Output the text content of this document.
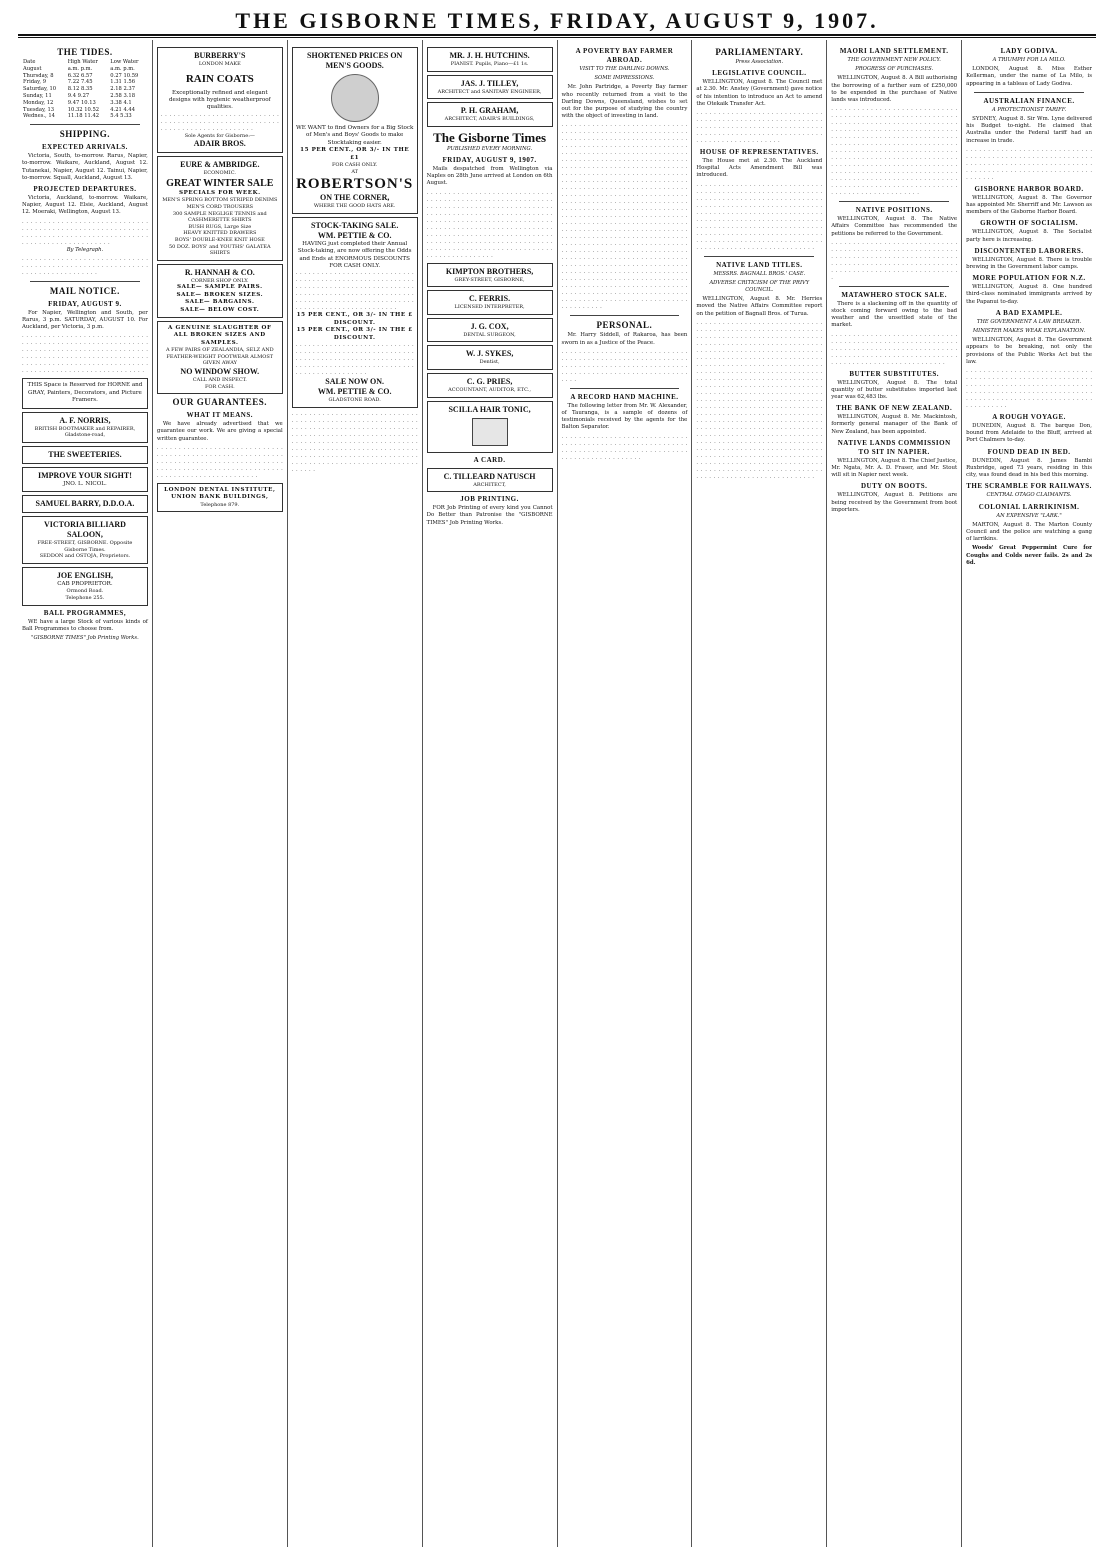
THE GISBORNE TIMES, FRIDAY, AUGUST 9, 1907.
THE TIDES.
Date	High Water	Low Water
August	a.m. p.m.	a.m. p.m.
Thursday, 8	6.32 6.57	0.27 10.59
Friday, 9	7.22 7.45	1.31 1.56
Saturday, 10	8.12 8.35	2.18 2.37
Sunday, 11	9.4 9.27	2.58 3.18
Monday, 12	9.47 10.13	3.38 4.1
Tuesday, 13	10.32 10.52	4.21 4.44
Wednes., 14	11.18 11.42	5.4 5.33
SHIPPING.
EXPECTED ARRIVALS.

Victoria, South, to-morrow. Rarus, Napier, to-morrow. Waikare, Auckland, August 12. Tutanekai, Napier, August 12. Tainui, Napier, to-morrow. Squall, Auckland, August 13.

PROJECTED DEPARTURES.

Victoria, Auckland, to-morrow. Waikare, Napier, August 12. Elsie, Auckland, August 12. Moeraki, Wellington, August 13.

. . . . . . . . . . . . . . . . . . . . . . . . . . . . . . . . . . . . . . . . . . . . . . . . . . . . . . . . . . . . . . . . . . . . . . . . . . . . . . . . . . . . . . . . . . . . . . . . . . . . . . . . . . . .
By Telegraph.
. . . . . . . . . . . . . . . . . . . . . . . . . . . . . . . . . . . . . . . . . . . . . . . . . . . . . . . . . . . . . . . . . . . . . . . . . . . .
MAIL NOTICE.
FRIDAY, AUGUST 9.

For Napier, Wellington and South, per Rarus, 3 p.m. SATURDAY, AUGUST 10. For Auckland, per Victoria, 3 p.m.

. . . . . . . . . . . . . . . . . . . . . . . . . . . . . . . . . . . . . . . . . . . . . . . . . . . . . . . . . . . . . . . . . . . . . . . . . . . . . . . . . . . . . . . . . . . . . . . . . . . . . . . . . . . . . . . . . . . . . . . . . . . . . . . . . . . . . . . . . . . . . . . . . . . . . . . . . . . . . . . . . . . . . . . . . . . . . .
THIS Space is Reserved for HORNE and GRAY, Painters, Decorators, and Picture Framers.
A. F. NORRIS,
BRITISH BOOTMAKER and REPAIRER, Gladstone-road,
THE SWEETERIES.
IMPROVE YOUR SIGHT!
JNO. L. NICOL.
SAMUEL BARRY, D.D.O.A.
VICTORIA BILLIARD SALOON,
FREE-STREET, GISBORNE. Opposite Gisborne Times.
SEDDON and OSTOJA, Proprietors.
JOE ENGLISH,
CAB PROPRIETOR.
Ormond Road.
Telephone 255.
BALL PROGRAMMES,

WE have a large Stock of various kinds of Ball Programmes to choose from.

"GISBORNE TIMES" Job Printing Works.
BURBERRY'S
LONDON MAKE
RAIN COATS
Exceptionally refined and elegant designs with hygienic weatherproof qualities.
. . . . . . . . . . . . . . . . . . . . . . . . . . . . . . . . . . . . . . . . . . . . . . . . . . . . . . . . . . . . . . . . . . . . . . . . . . . . . .
Sole Agents for Gisborne:—
ADAIR BROS.
EURE & AMBRIDGE.
ECONOMIC.
GREAT WINTER SALE
SPECIALS FOR WEEK.
MEN'S SPRING BOTTOM STRIPED DENIMS
MEN'S CORD TROUSERS
300 SAMPLE NEGLIGE TENNIS and CASHMERETTE SHIRTS
BUSH RUGS, Large Size
HEAVY KNITTED DRAWERS
BOYS' DOUBLE-KNEE KNIT HOSE
50 DOZ. BOYS' and YOUTHS' GALATEA SHIRTS
R. HANNAH & CO.
CORNER SHOP ONLY.
SALE— SAMPLE PAIRS.
SALE— BROKEN SIZES.
SALE— BARGAINS.
SALE— BELOW COST.
A GENUINE SLAUGHTER OF ALL BROKEN SIZES AND SAMPLES.
A FEW PAIRS OF ZEALANDIA, SELZ AND FEATHER-WEIGHT FOOTWEAR ALMOST GIVEN AWAY
NO WINDOW SHOW.
CALL AND INSPECT.
FOR CASH.
OUR GUARANTEES.
WHAT IT MEANS.

We have already advertised that we guarantee our work. We are giving a special written guarantee.

. . . . . . . . . . . . . . . . . . . . . . . . . . . . . . . . . . . . . . . . . . . . . . . . . . . . . . . . . . . . . . . . . . . . . . . . . . . . . . . . . . . . . . . . . . . . . . . . . . . . . . . . . . . . . . . . . . . . . . . . . . . . . . . . . . . . . . . . . . . .
LONDON DENTAL INSTITUTE, UNION BANK BUILDINGS,
Telephone 879.
SHORTENED PRICES ON MEN'S GOODS.
WE WANT to find Owners for a Big Stock of Men's and Boys' Goods to make Stocktaking easier.
15 PER CENT., OR 3/- IN THE £1
FOR CASH ONLY.
AT
ROBERTSON'S
ON THE CORNER,
WHERE THE GOOD HATS ARE.
STOCK-TAKING SALE.
WM. PETTIE & CO.
HAVING just completed their Annual Stock-taking, are now offering the Odds and Ends at ENORMOUS DISCOUNTS FOR CASH ONLY.
. . . . . . . . . . . . . . . . . . . . . . . . . . . . . . . . . . . . . . . . . . . . . . . . . . . . . . . . . . . . . . . . . . . . . . . . . . . . . . . . . . . . . . . . . . . . . . . . . . . . . . . . . . . . . . . . . . . . . . . . . . . . . . . . . . . . . . . . . . . . . . . . . . . . . . . . . . . . . . . . . . . .
15 PER CENT., OR 3/- IN THE £ DISCOUNT.
15 PER CENT., OR 3/- IN THE £ DISCOUNT.
. . . . . . . . . . . . . . . . . . . . . . . . . . . . . . . . . . . . . . . . . . . . . . . . . . . . . . . . . . . . . . . . . . . . . . . . . . . . . . . . . . . . . . . . . . . . . . . . . . . . . . . . . . . . . . . . . . . . . . . . . . . . . . . . .
SALE NOW ON.
WM. PETTIE & CO.
GLADSTONE ROAD.
. . . . . . . . . . . . . . . . . . . . . . . . . . . . . . . . . . . . . . . . . . . . . . . . . . . . . . . . . . . . . . . . . . . . . . . . . . . . . . . . . . . . . . . . . . . . . . . . . . . . . . . . . . . . . . . . . . . . . . . . . . . . . . . . . . . . . . . . . . . . . . . . . . . . . . . . . . . . . . . . . . . . . . . . . . . . . . . . . . . . . . . . . . . . . . . . . . . . . . . . . . . . . . . . . . . . . . . . . . . . . . . . . . . . . . . . . . . . . .
MR. J. H. HUTCHINS.
PIANIST. Pupils, Piano—£1 1s.
JAS. J. TILLEY,
ARCHITECT and SANITARY ENGINEER,
P. H. GRAHAM,
ARCHITECT, ADAIR'S BUILDINGS,
The Gisborne Times
PUBLISHED EVERY MORNING.
FRIDAY, AUGUST 9, 1907.

Mails despatched from Wellington via Naples on 28th June arrived at London on 6th August.

. . . . . . . . . . . . . . . . . . . . . . . . . . . . . . . . . . . . . . . . . . . . . . . . . . . . . . . . . . . . . . . . . . . . . . . . . . . . . . . . . . . . . . . . . . . . . . . . . . . . . . . . . . . . . . . . . . . . . . . . . . . . . . . . . . . . . . . . . . . . . . . . . . . . . . . . . . . . . . . . . . . . . . . . . . . . . . . . . . . . . . . . . . . . . . . . . . . . . . . . . . . . . . . . . . . . . . . . . . . . . . . . . . . . . . . . . . . . . . . . . . . . . . . . . . . . . . . . . . . . . . . . . . . . . . . . . . . . .
KIMPTON BROTHERS,
GREY-STREET, GISBORNE,
C. FERRIS.
LICENSED INTERPRETER,
J. G. COX,
DENTAL SURGEON,
W. J. SYKES,
Dentist,
C. G. PRIES,
ACCOUNTANT, AUDITOR, ETC.,
SCILLA HAIR TONIC,
A CARD.
C. TILLEARD NATUSCH
ARCHITECT,
JOB PRINTING.

FOR Job Printing of every kind you Cannot Do Better than Patronise the "GISBORNE TIMES" Job Printing Works.

A POVERTY BAY FARMER ABROAD.
VISIT TO THE DARLING DOWNS.
SOME IMPRESSIONS.

Mr. John Partridge, a Poverty Bay farmer who recently returned from a visit to the Darling Downs, Queensland, wishes to set out for the purpose of studying the country with the object of investing in land.

. . . . . . . . . . . . . . . . . . . . . . . . . . . . . . . . . . . . . . . . . . . . . . . . . . . . . . . . . . . . . . . . . . . . . . . . . . . . . . . . . . . . . . . . . . . . . . . . . . . . . . . . . . . . . . . . . . . . . . . . . . . . . . . . . . . . . . . . . . . . . . . . . . . . . . . . . . . . . . . . . . . . . . . . . . . . . . . . . . . . . . . . . . . . . . . . . . . . . . . . . . . . . . . . . . . . . . . . . . . . . . . . . . . . . . . . . . . . . . . . . . . . . . . . . . . . . . . . . . . . . . . . . . . . . . . . . . . . . . . . . . . . . . . . . . . . . . . . . . . . . . . . . . . . . . . . . . . . . . . . . . . . . . . . . . . . . . . . . . . . . . . . . . . . . . . . . . . . . . . . . . . . . . . . . . . . . . . . . . . . . . . . . . . . . . . . . . . . . . . . . . . . . . . . . . . . . . . . . . . . . . . . . . . . . . . . . . . . . . . . . . . . . . . . . . . . . . . . . . . . . . . . . . . . . . . . . . . . . . . . . . . . . . . . . . . . . . . . . . . . . . . . . . . . . . . . . . . . . . . . . . . . . . . . . . . . . . . . . . . . . . . . . . . . . . . . . . . . . . . . . . . . . . . . . . . . . . . . . . . . . . . . . . . . . . . . . . . . . . . . . . . . . . . . . . . . . . . . . . . . . . . . . . . . . . . . . . . . . . . . . . . . . . . . . . . . . . . . . . . . . . . . . . . . . . . . . . . . . . . . . . . . . . . . . . . . . . . . . . . . . . . . . . . . . . . . . . . . . . . . . . . . . . . . . . . . . . . . . . . . . . . . . . . . . . . . . . . . . . . . . . . .
PERSONAL.

Mr. Harry Siddell, of Rakaroa, has been sworn in as a Justice of the Peace.

. . . . . . . . . . . . . . . . . . . . . . . . . . . . . . . . . . . . . . . . . . . . . . . . . . . . . . . . . . . . . . . . . . . . . . . . . . . . . . . . . . . . . . . . . . . . . . . . . . . . . . . . . . . . . . . . . . . . . . . .
A RECORD HAND MACHINE.

The following letter from Mr. W. Alexander, of Tauranga, is a sample of dozens of testimonials received by the agents for the Balton Separator.

. . . . . . . . . . . . . . . . . . . . . . . . . . . . . . . . . . . . . . . . . . . . . . . . . . . . . . . . . . . . . . . . . . . . . . . . . . . . . . . . . . . . . . . . . . . . . . . . . . . . . . . . . .
PARLIAMENTARY.
Press Association.
LEGISLATIVE COUNCIL.

WELLINGTON, August 8. The Council met at 2.30. Mr. Anstey (Government) gave notice of his intention to introduce an Act to amend the Otekaik Transfer Act.

. . . . . . . . . . . . . . . . . . . . . . . . . . . . . . . . . . . . . . . . . . . . . . . . . . . . . . . . . . . . . . . . . . . . . . . . . . . . . . . . . . . . . . . . . . . . . . . . . . . . . . . . . . . . . . . . . . . . . . . . . . . . . . . . . . . . . . . .
HOUSE OF REPRESENTATIVES.

The House met at 2.30. The Auckland Hospital Acts Amendment Bill was introduced.

. . . . . . . . . . . . . . . . . . . . . . . . . . . . . . . . . . . . . . . . . . . . . . . . . . . . . . . . . . . . . . . . . . . . . . . . . . . . . . . . . . . . . . . . . . . . . . . . . . . . . . . . . . . . . . . . . . . . . . . . . . . . . . . . . . . . . . . . . . . . . . . . . . . . . . . . . . . . . . . . . . . . . . . . . . . . . . . . . . . . . . . . . . . . . . . . . . . . . . . . . . . . . . . . . . . . . . . . . . . . . . . . . . . . . . . . . . . . . . . . . . . . . . . . . . . . . . . . . . . . . . . . . . . . . . . . . . . . . . . . . . . . . . . . .
NATIVE LAND TITLES.
MESSRS. BAGNALL BROS.' CASE.
ADVERSE CRITICISM OF THE PRIVY COUNCIL.

WELLINGTON, August 8. Mr. Herries moved the Native Affairs Committee report on the petition of Bagnall Bros. of Turua.

. . . . . . . . . . . . . . . . . . . . . . . . . . . . . . . . . . . . . . . . . . . . . . . . . . . . . . . . . . . . . . . . . . . . . . . . . . . . . . . . . . . . . . . . . . . . . . . . . . . . . . . . . . . . . . . . . . . . . . . . . . . . . . . . . . . . . . . . . . . . . . . . . . . . . . . . . . . . . . . . . . . . . . . . . . . . . . . . . . . . . . . . . . . . . . . . . . . . . . . . . . . . . . . . . . . . . . . . . . . . . . . . . . . . . . . . . . . . . . . . . . . . . . . . . . . . . . . . . . . . . . . . . . . . . . . . . . . . . . . . . . . . . . . . . . . . . . . . . . . . . . . . . . . . . . . . . . . . . . . . . . . . . . . . . . . . . . . . . . . . . . . . . . . . . . . . . . . . . . . . . . . . . . . . . . . . . . . . . . . . . . . . . . . . . . . . . . . . . . . . . . . . . . . . . . . . . . . . . . . . . . . . . . . . . . . . . . . . . . . . . . . . . . . . . . . . . . . . . . . . . . . . . . . . . . . . . . . . . . . . . . . . . . . . . . . . . . . . . . . . . . . . . . . . . . . . . . . . . . . . . . . . . . . . . . . . . . . . . . . . . . . . . . . . . . . . . . . . . . . . . . . . . . . . . . . . . . . . . . . . . . . . . . . . . . . . . . . . . . . . . . . . . . . . . . . . . . . . . . . . . . . . . . . . . . . . . . . . . . . . . . . . . . . . . . . . . . . . . . . . . . . . . .
MAORI LAND SETTLEMENT.
THE GOVERNMENT NEW POLICY.
PROGRESS OF PURCHASES.

WELLINGTON, August 8. A Bill authorising the borrowing of a further sum of £250,000 to be expended in the purchase of Native lands was introduced.

. . . . . . . . . . . . . . . . . . . . . . . . . . . . . . . . . . . . . . . . . . . . . . . . . . . . . . . . . . . . . . . . . . . . . . . . . . . . . . . . . . . . . . . . . . . . . . . . . . . . . . . . . . . . . . . . . . . . . . . . . . . . . . . . . . . . . . . . . . . . . . . . . . . . . . . . . . . . . . . . . . . . . . . . . . . . . . . . . . . . . . . . . . . . . . . . . . . . . . . . . . . . . . . . . . . . . . . . . . . . . . . . . . . . . . . . . . . . . . . . . . . . . . . . . . . . . . . . . . . . . . . . . . . . . . . . . . . . . . . . . . . . . . . . . . . . . . . . . . . . . . . . . . . . . . . . . . . . . . . . . . . . . . . . . . . . . . . . . . . . . . . . . . . . . . . . . . . . . . . . . . . . . . . . .
NATIVE POSITIONS.

WELLINGTON, August 8. The Native Affairs Committee has recommended the petitions be referred to the Government.

. . . . . . . . . . . . . . . . . . . . . . . . . . . . . . . . . . . . . . . . . . . . . . . . . . . . . . . . . . . . . . . . . . . . . . . . . . . . . . . . . . . . . . . . . . . . . . . . . . . . . . . . . . . . . . . . . . . . . . . . . . . . . . . . . . . . . . . . . . . . . . . . . .
MATAWHERO STOCK SALE.

There is a slackening off in the quantity of stock coming forward owing to the bad weather and the unsettled state of the market.

. . . . . . . . . . . . . . . . . . . . . . . . . . . . . . . . . . . . . . . . . . . . . . . . . . . . . . . . . . . . . . . . . . . . . . . . . . . . . . . . . . . . . . . . . . . . . . . . . . . . . . . . . . . . . . . . . . . . . . . . . . . . . . . . . . . . . . . . . . . . . . .
BUTTER SUBSTITUTES.

WELLINGTON, August 8. The total quantity of butter substitutes imported last year was 62,483 lbs.

THE BANK OF NEW ZEALAND.

WELLINGTON, August 8. Mr. Mackintosh, formerly general manager of the Bank of New Zealand, has been appointed.

NATIVE LANDS COMMISSION TO SIT IN NAPIER.

WELLINGTON, August 8. The Chief Justice, Mr. Ngata, Mr. A. D. Fraser, and Mr. Stout will sit in Napier next week.

DUTY ON BOOTS.

WELLINGTON, August 8. Petitions are being received by the Government from boot importers.

LADY GODIVA.
A TRIUMPH FOR LA MILO.

LONDON, August 8. Miss Esther Kellerman, under the name of La Milo, is appearing in a tableau of Lady Godiva.

AUSTRALIAN FINANCE.
A PROTECTIONIST TARIFF.

SYDNEY, August 8. Sir Wm. Lyne delivered his Budget to-night. He claimed that Australia under the Federal tariff had an increase in trade.

. . . . . . . . . . . . . . . . . . . . . . . . . . . . . . . . . . . . . . . . . . . . . . . . . . . . . . . . . . . . . . . . . . . . . . . . . . . . . . . . . . . . . . . . . . . . . . . . . . . . . . . . . . . . . . . . . . . . . . . . . . .
GISBORNE HARBOR BOARD.

WELLINGTON, August 8. The Governor has appointed Mr. Sherriff and Mr. Lawson as members of the Gisborne Harbor Board.

GROWTH OF SOCIALISM.

WELLINGTON, August 8. The Socialist party here is increasing.

DISCONTENTED LABORERS.

WELLINGTON, August 8. There is trouble brewing in the Government labor camps.

MORE POPULATION FOR N.Z.

WELLINGTON, August 8. One hundred third-class nominated immigrants arrived by the Papanui to-day.

A BAD EXAMPLE.
THE GOVERNMENT A LAW BREAKER.
MINISTER MAKES WEAK EXPLANATION.

WELLINGTON, August 8. The Government appears to be breaking, not only the provisions of the Public Works Act but the law.

. . . . . . . . . . . . . . . . . . . . . . . . . . . . . . . . . . . . . . . . . . . . . . . . . . . . . . . . . . . . . . . . . . . . . . . . . . . . . . . . . . . . . . . . . . . . . . . . . . . . . . . . . . . . . . . . . . . . . . . . . . . . . . . . . . . . . . . . . . . . . . . . . . . . . . . . . . .
A ROUGH VOYAGE.

DUNEDIN, August 8. The barque Don, bound from Adelaide to the Bluff, arrived at Port Chalmers to-day.

FOUND DEAD IN BED.

DUNEDIN, August 8. James Bambi Ruxbridge, aged 73 years, residing in this city, was found dead in his bed this morning.

THE SCRAMBLE FOR RAILWAYS.
CENTRAL OTAGO CLAIMANTS.
COLONIAL LARRIKINISM.
AN EXPENSIVE "LARK."

MARTON, August 8. The Marton County Council and the police are watching a gang of larrikins.

Woods' Great Peppermint Cure for Coughs and Colds never fails. 2s and 2s 6d.
